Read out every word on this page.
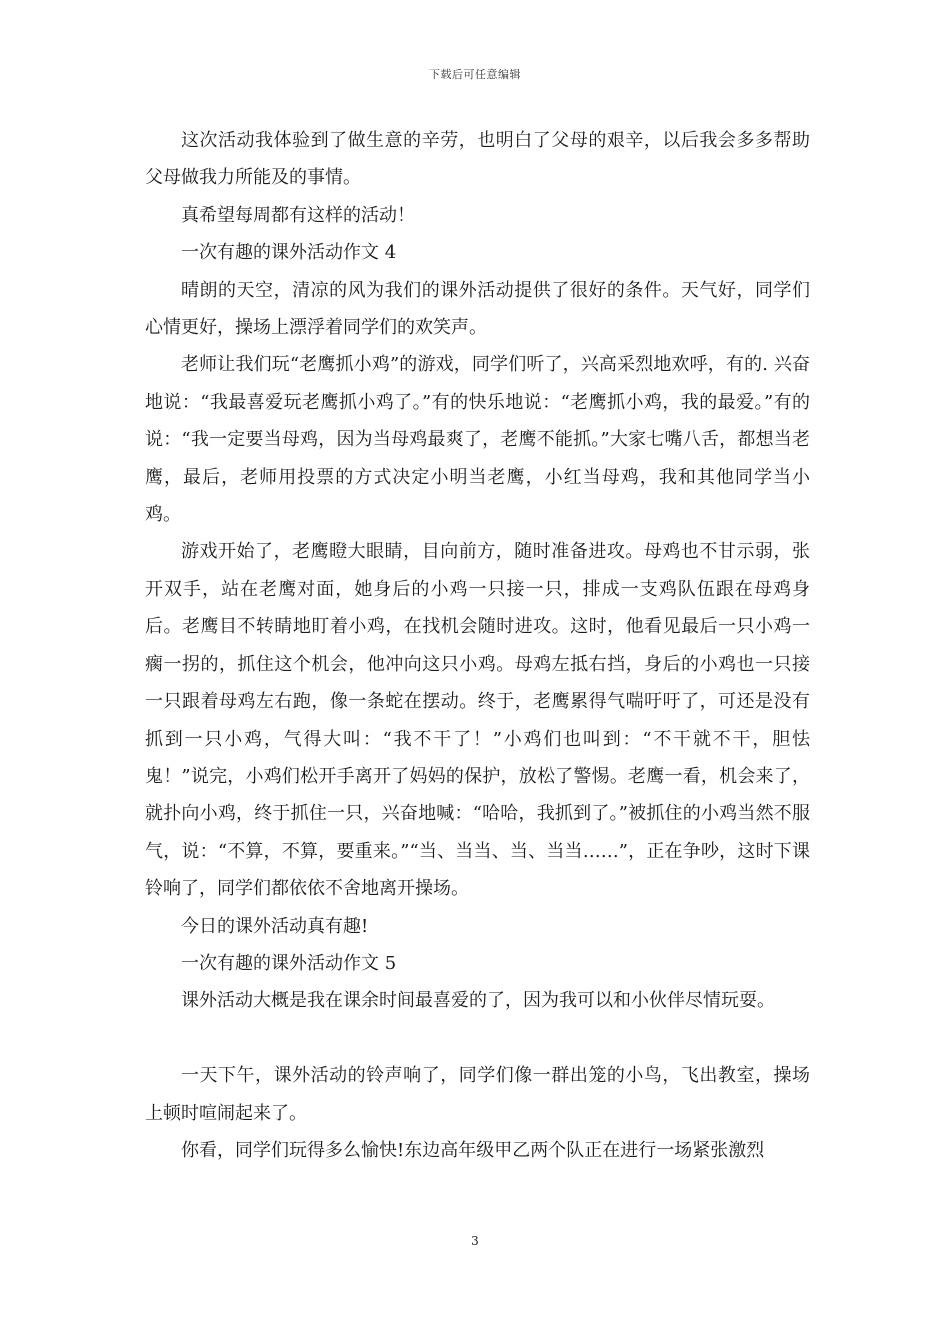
下载后可任意编辑

这次活动我体验到了做生意的辛劳，也明白了父母的艰辛，以后我会多多帮助父母做我力所能及的事情。

真希望每周都有这样的活动！

一次有趣的课外活动作文 4

晴朗的天空，清凉的风为我们的课外活动提供了很好的条件。天气好，同学们心情更好，操场上漂浮着同学们的欢笑声。

老师让我们玩“老鹰抓小鸡”的游戏，同学们听了，兴高采烈地欢呼，有的. 兴奋地说：“我最喜爱玩老鹰抓小鸡了。”有的快乐地说：“老鹰抓小鸡，我的最爱。”有的说：“我一定要当母鸡，因为当母鸡最爽了，老鹰不能抓。”大家七嘴八舌，都想当老鹰，最后，老师用投票的方式决定小明当老鹰，小红当母鸡，我和其他同学当小鸡。

游戏开始了，老鹰瞪大眼睛，目向前方，随时准备进攻。母鸡也不甘示弱，张开双手，站在老鹰对面，她身后的小鸡一只接一只，排成一支鸡队伍跟在母鸡身后。老鹰目不转睛地盯着小鸡，在找机会随时进攻。这时，他看见最后一只小鸡一瘸一拐的，抓住这个机会，他冲向这只小鸡。母鸡左抵右挡，身后的小鸡也一只接一只跟着母鸡左右跑，像一条蛇在摆动。终于，老鹰累得气喘吁吁了，可还是没有抓到一只小鸡，气得大叫：“我不干了！”小鸡们也叫到：“不干就不干，胆怯鬼！”说完，小鸡们松开手离开了妈妈的保护，放松了警惕。老鹰一看，机会来了，就扑向小鸡，终于抓住一只，兴奋地喊：“哈哈，我抓到了。”被抓住的小鸡当然不服气，说：“不算，不算，要重来。”“当、当当、当、当当……”，正在争吵，这时下课铃响了，同学们都依依不舍地离开操场。

今日的课外活动真有趣!

一次有趣的课外活动作文 5

课外活动大概是我在课余时间最喜爱的了，因为我可以和小伙伴尽情玩耍。

一天下午，课外活动的铃声响了，同学们像一群出笼的小鸟，飞出教室，操场上顿时喧闹起来了。

你看，同学们玩得多么愉快!东边高年级甲乙两个队正在进行一场紧张激烈

3
